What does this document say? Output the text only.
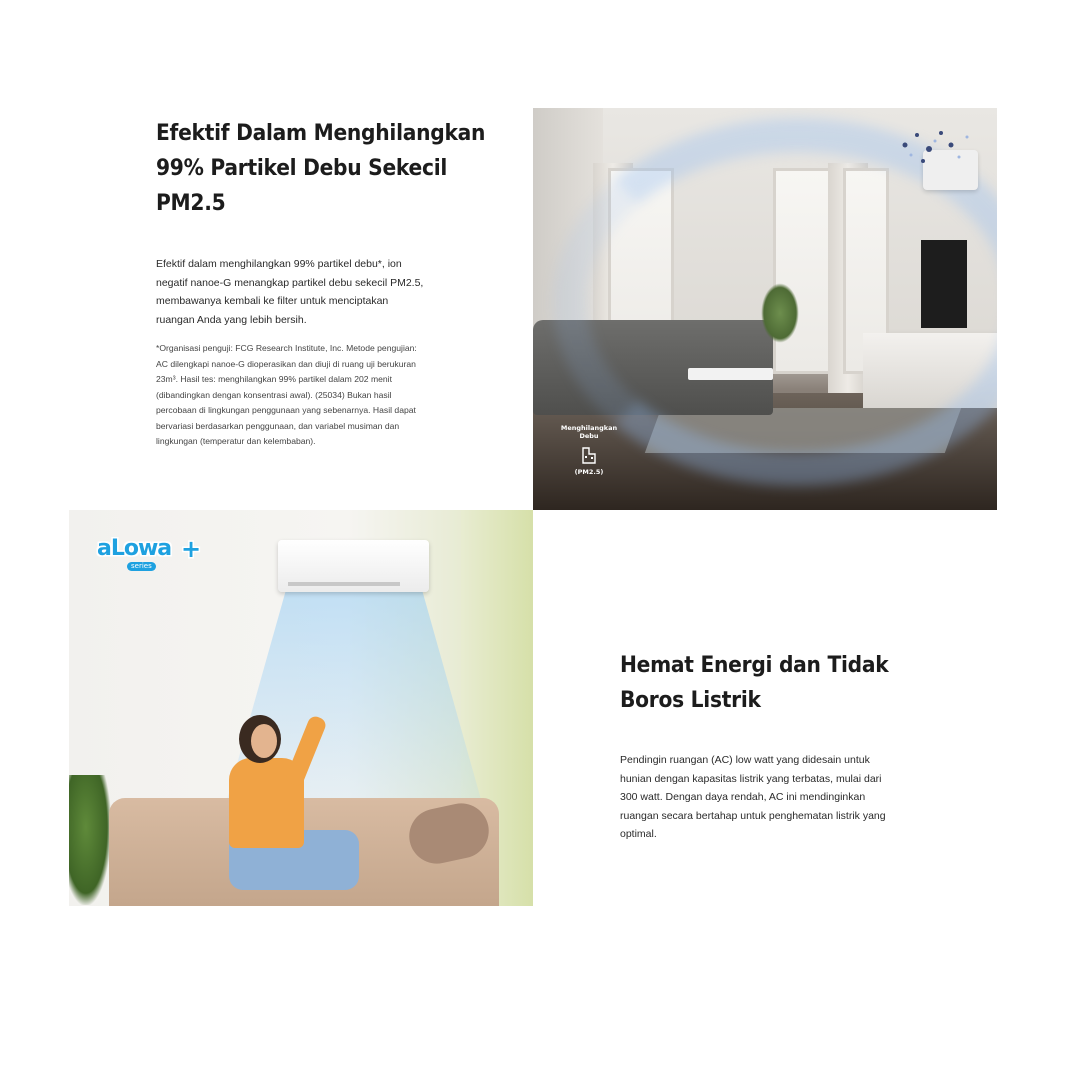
Efektif Dalam Menghilangkan
99% Partikel Debu Sekecil
PM2.5

Efektif dalam menghilangkan 99% partikel debu*, ion
negatif nanoe-G menangkap partikel debu sekecil PM2.5,
membawanya kembali ke filter untuk menciptakan
ruangan Anda yang lebih bersih.

*Organisasi penguji: FCG Research Institute, Inc. Metode pengujian:
AC dilengkapi nanoe-G dioperasikan dan diuji di ruang uji berukuran
23m³. Hasil tes: menghilangkan 99% partikel dalam 202 menit
(dibandingkan dengan konsentrasi awal). (25034) Bukan hasil
percobaan di lingkungan penggunaan yang sebenarnya. Hasil dapat
bervariasi berdasarkan penggunaan, dan variabel musiman dan
lingkungan (temperatur dan kelembaban).

Menghilangkan
Debu
(PM2.5)
aLowa +
series
Hemat Energi dan Tidak
Boros Listrik

Pendingin ruangan (AC) low watt yang didesain untuk
hunian dengan kapasitas listrik yang terbatas, mulai dari
300 watt. Dengan daya rendah, AC ini mendinginkan
ruangan secara bertahap untuk penghematan listrik yang
optimal.
